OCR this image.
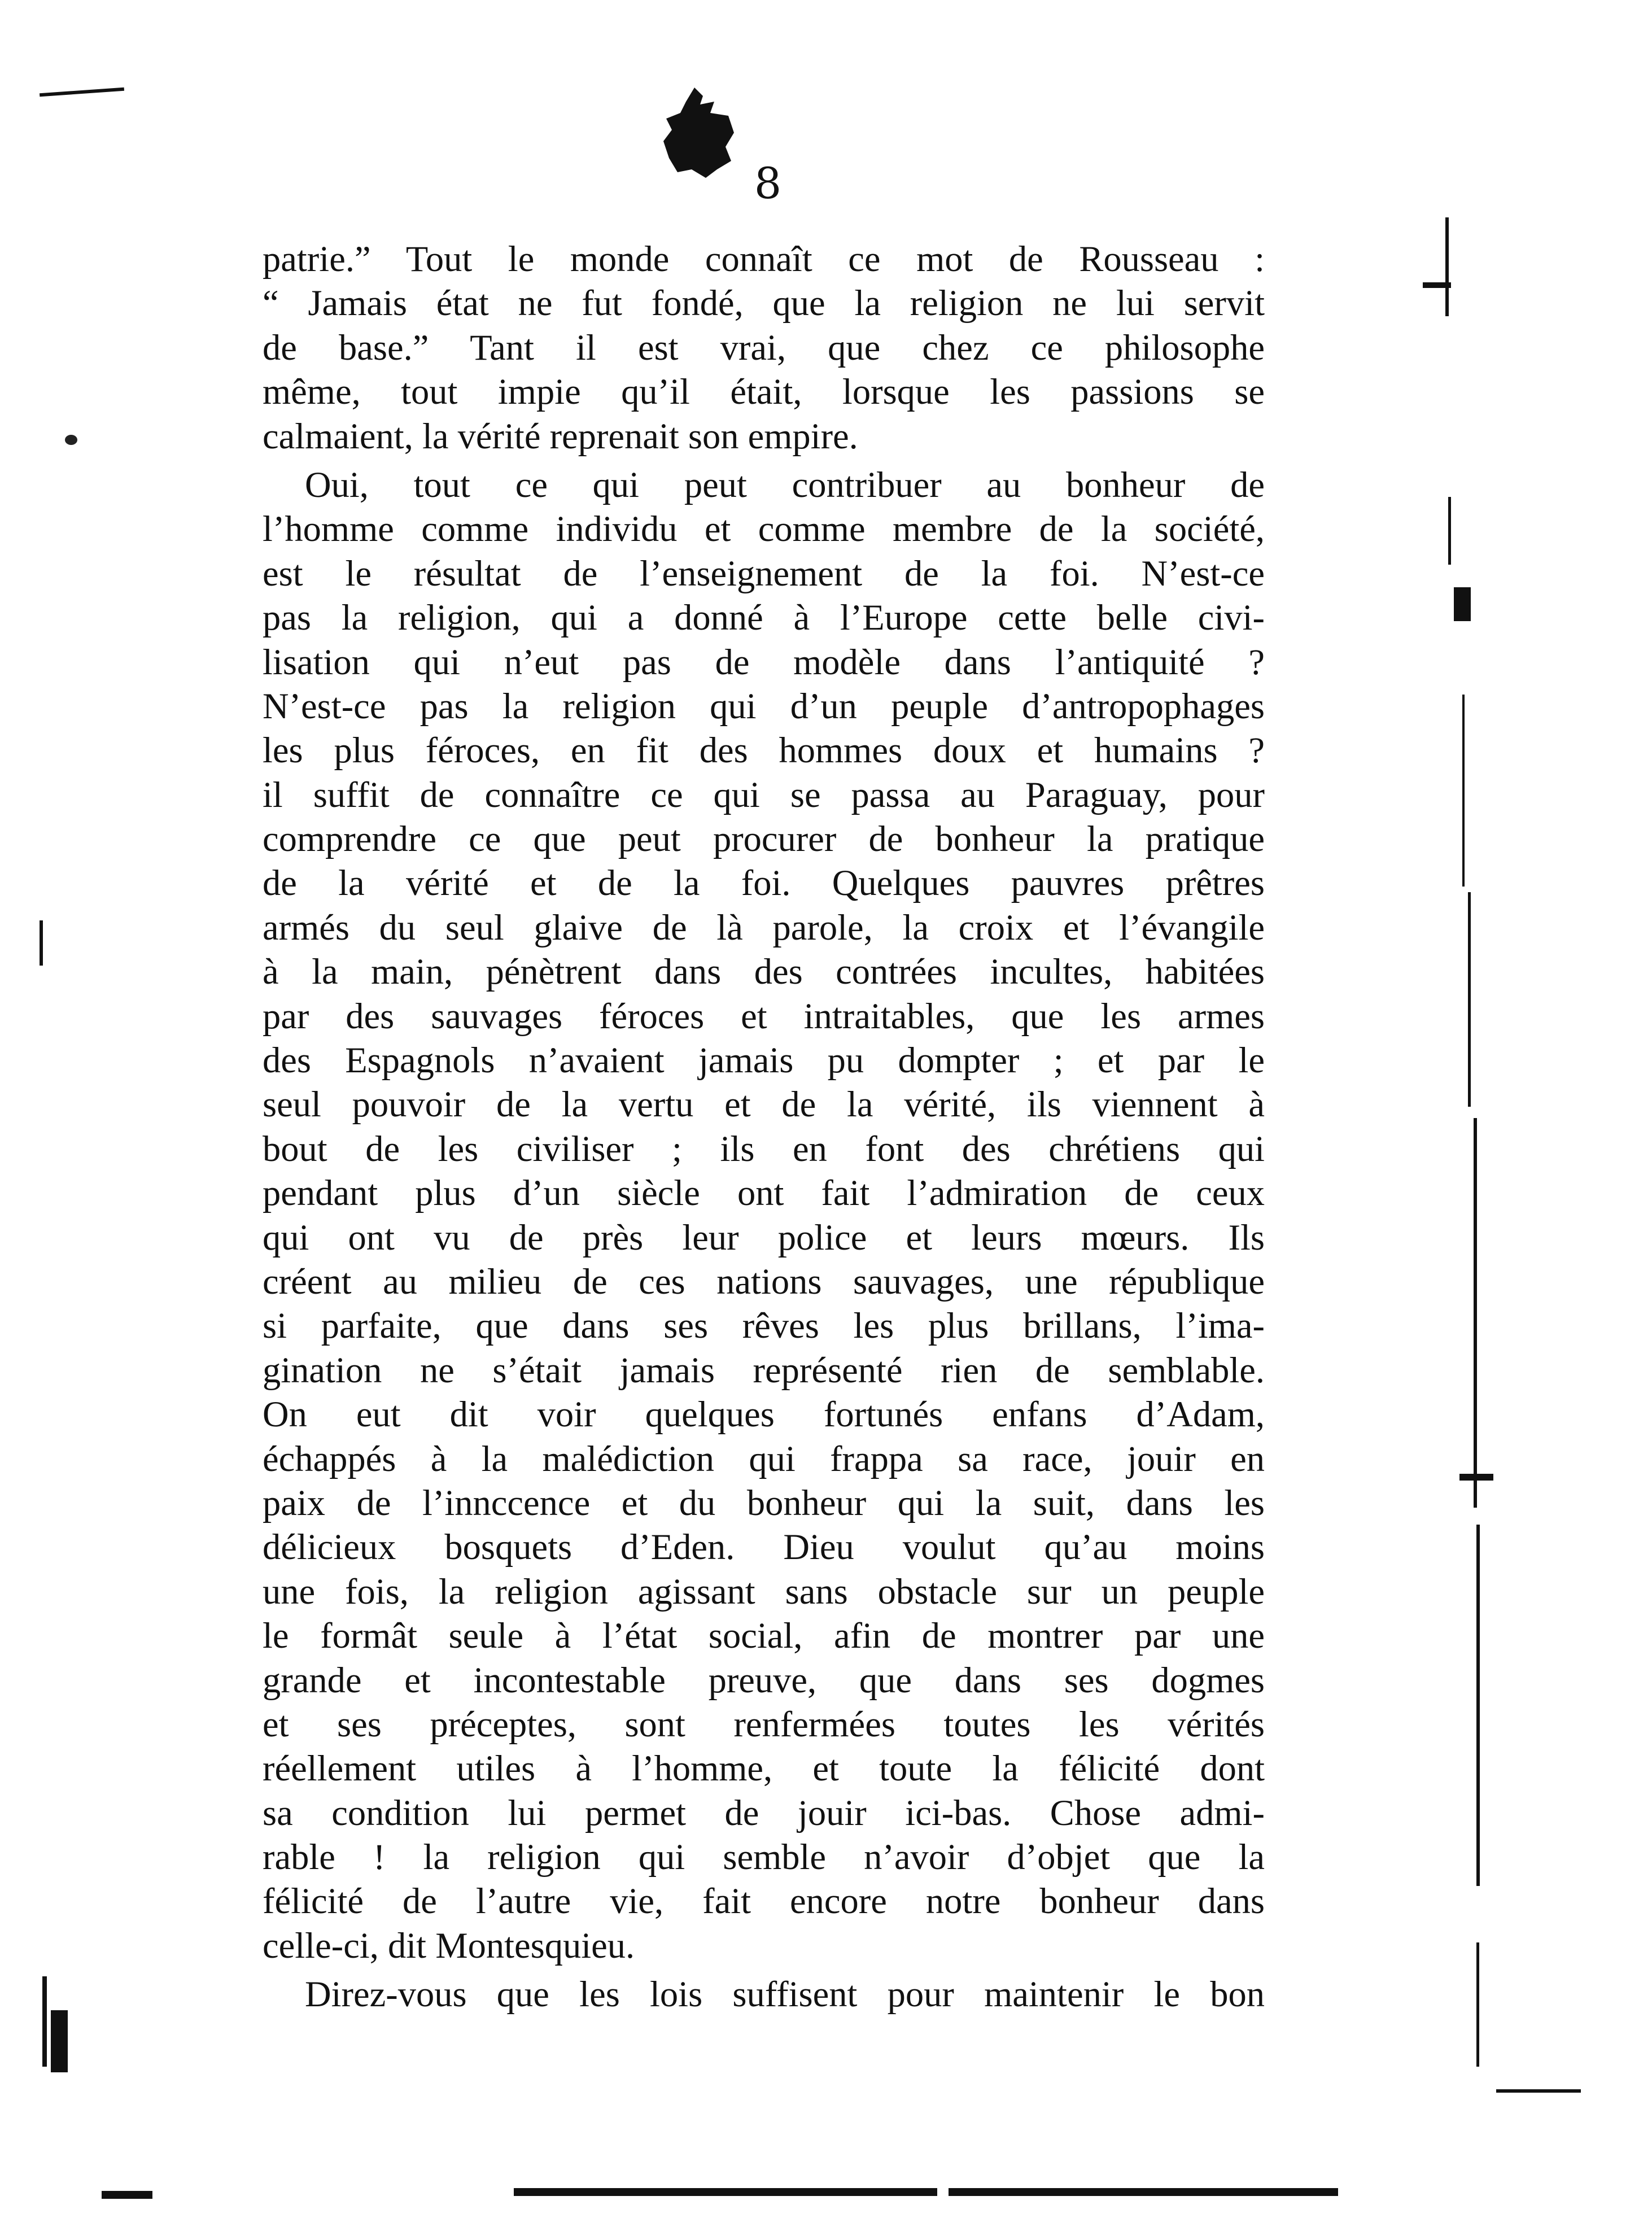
8
patrie.” Tout le monde connaît ce mot de Rousseau :
“ Jamais état ne fut fondé, que la religion ne lui servit
de base.” Tant il est vrai, que chez ce philosophe
même, tout impie qu’il était, lorsque les passions se
calmaient, la vérité reprenait son empire.
Oui, tout ce qui peut contribuer au bonheur de
l’homme comme individu et comme membre de la société,
est le résultat de l’enseignement de la foi. N’est-ce
pas la religion, qui a donné à l’Europe cette belle civi-
lisation qui n’eut pas de modèle dans l’antiquité ?
N’est-ce pas la religion qui d’un peuple d’antropophages
les plus féroces, en fit des hommes doux et humains ?
il suffit de connaître ce qui se passa au Paraguay, pour
comprendre ce que peut procurer de bonheur la pratique
de la vérité et de la foi. Quelques pauvres prêtres
armés du seul glaive de là parole, la croix et l’évangile
à la main, pénètrent dans des contrées incultes, habitées
par des sauvages féroces et intraitables, que les armes
des Espagnols n’avaient jamais pu dompter ; et par le
seul pouvoir de la vertu et de la vérité, ils viennent à
bout de les civiliser ; ils en font des chrétiens qui
pendant plus d’un siècle ont fait l’admiration de ceux
qui ont vu de près leur police et leurs mœurs. Ils
créent au milieu de ces nations sauvages, une république
si parfaite, que dans ses rêves les plus brillans, l’ima-
gination ne s’était jamais représenté rien de semblable.
On eut dit voir quelques fortunés enfans d’Adam,
échappés à la malédiction qui frappa sa race, jouir en
paix de l’innccence et du bonheur qui la suit, dans les
délicieux bosquets d’Eden. Dieu voulut qu’au moins
une fois, la religion agissant sans obstacle sur un peuple
le formât seule à l’état social, afin de montrer par une
grande et incontestable preuve, que dans ses dogmes
et ses préceptes, sont renfermées toutes les vérités
réellement utiles à l’homme, et toute la félicité dont
sa condition lui permet de jouir ici-bas. Chose admi-
rable ! la religion qui semble n’avoir d’objet que la
félicité de l’autre vie, fait encore notre bonheur dans
celle-ci, dit Montesquieu.
Direz-vous que les lois suffisent pour maintenir le bon
